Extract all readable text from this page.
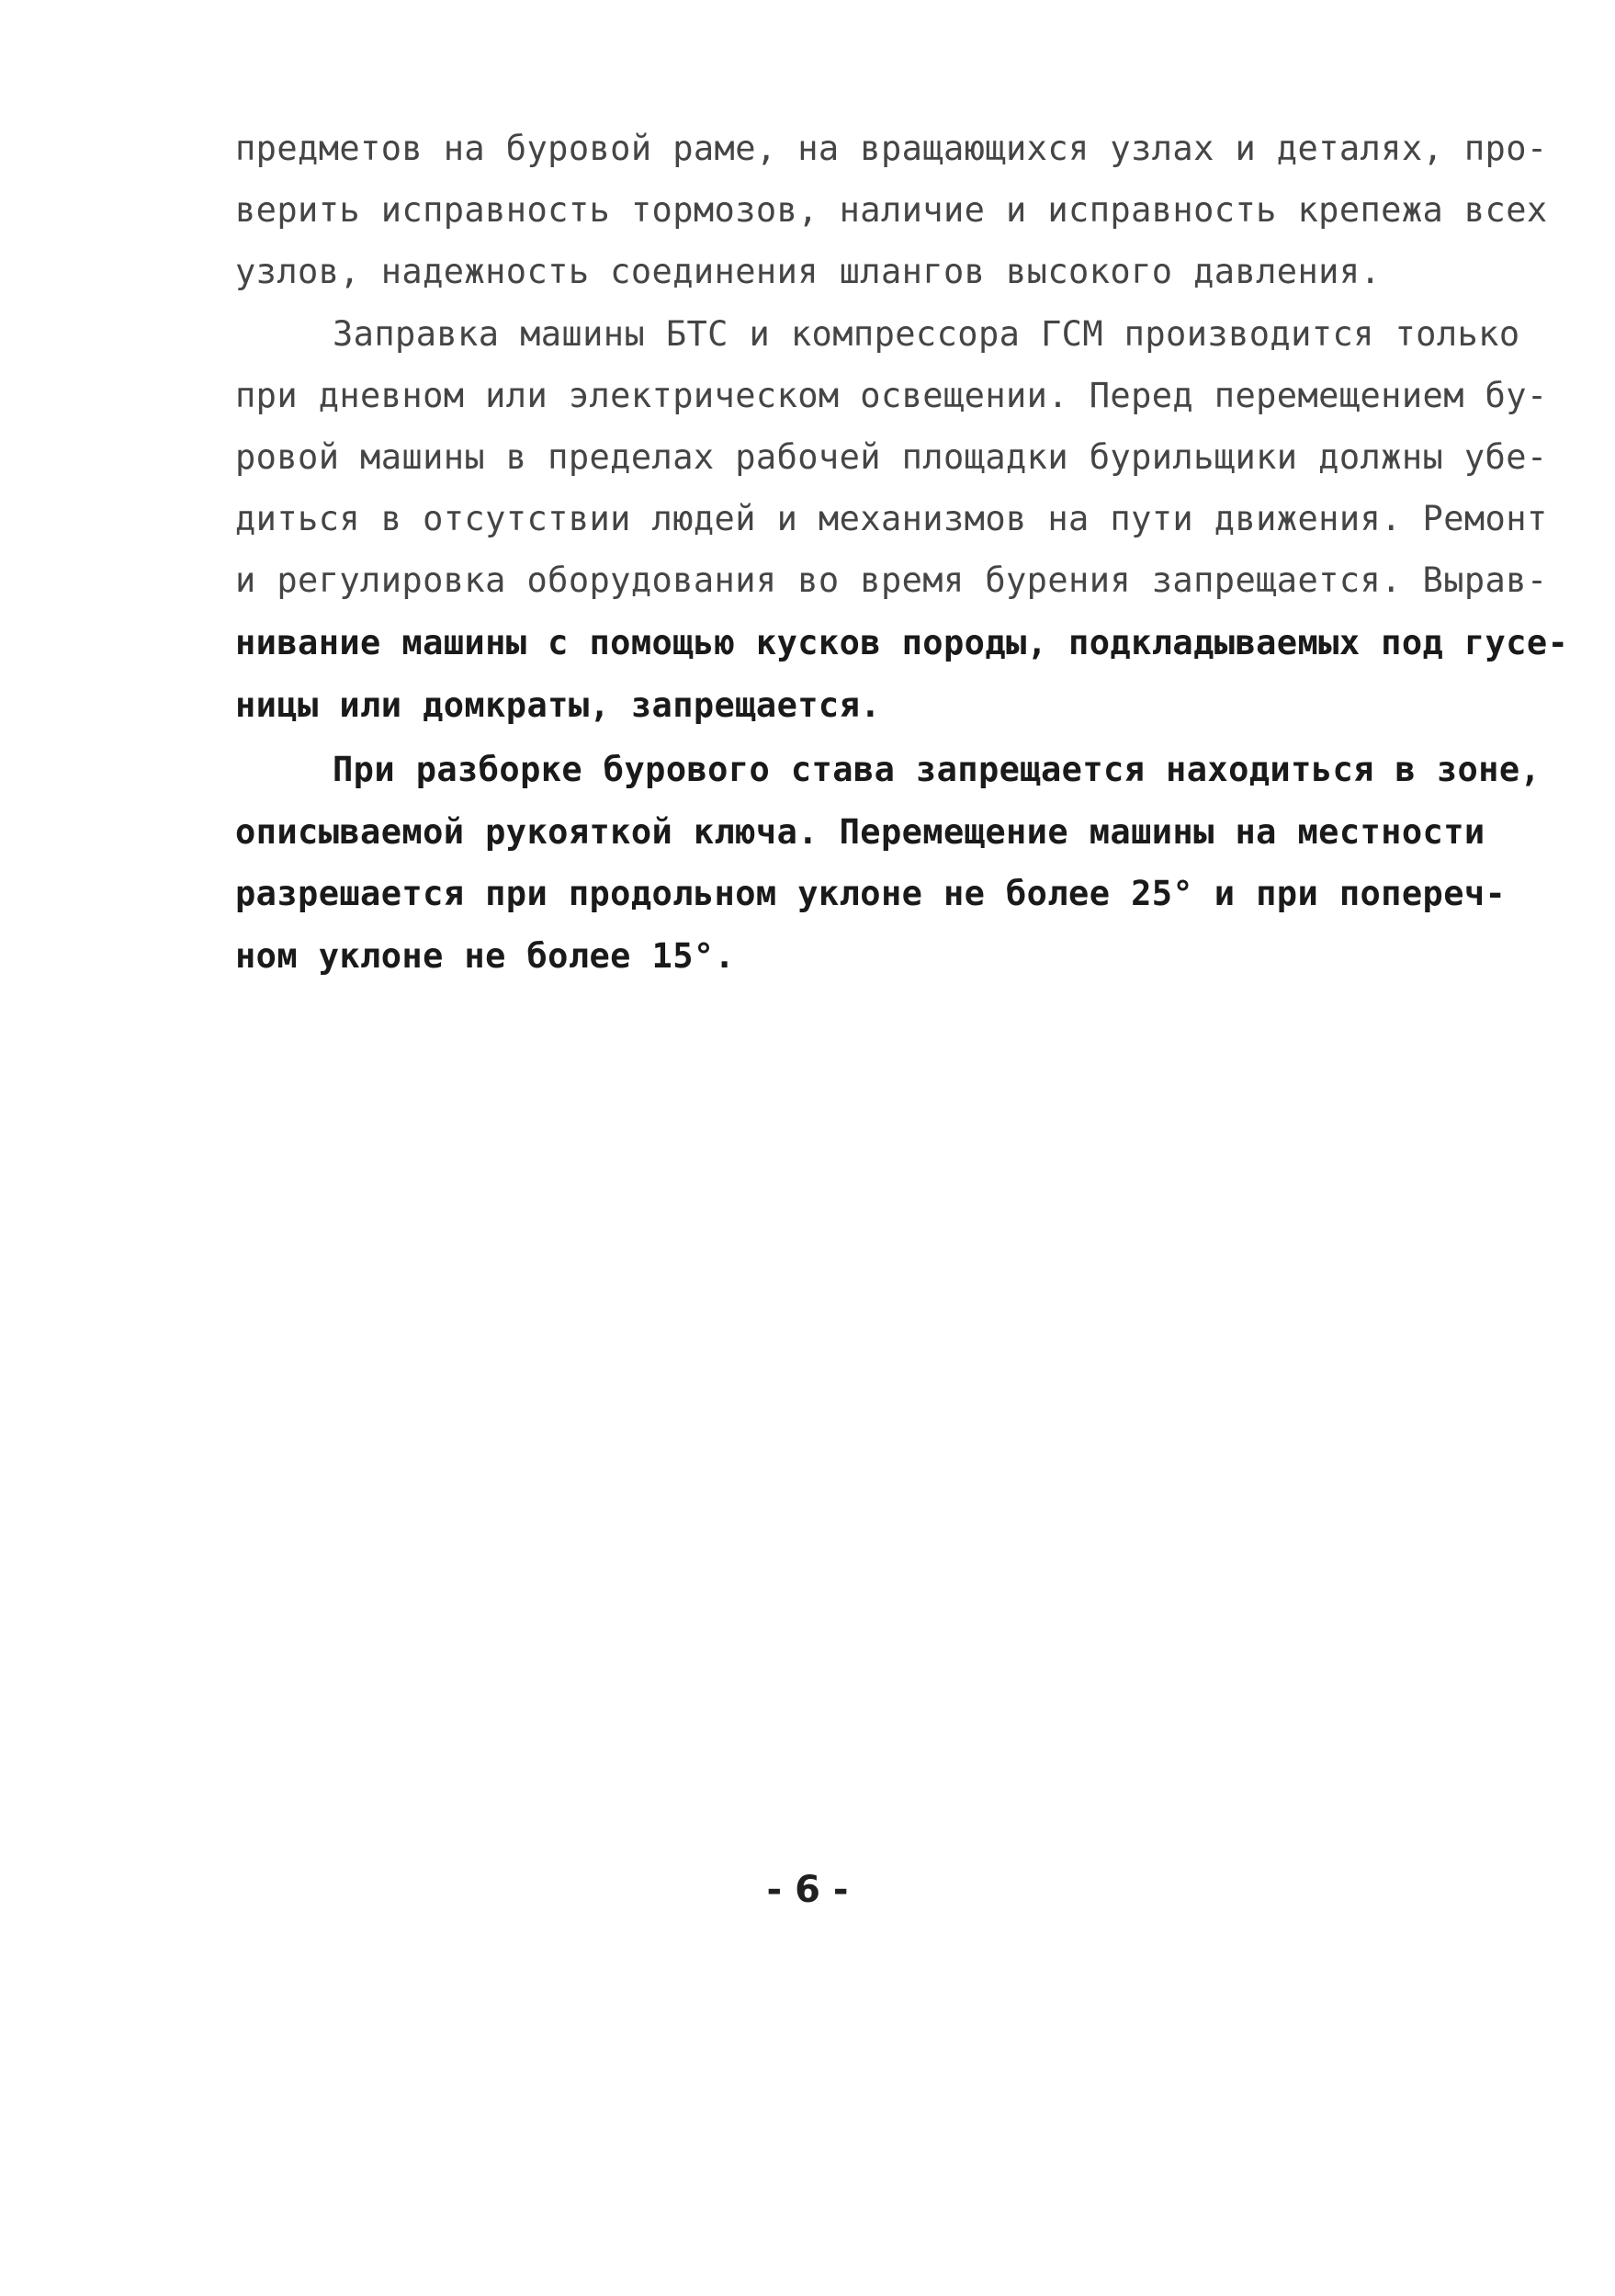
предметов на буровой раме, на вращающихся узлах и деталях, про-
верить исправность тормозов, наличие и исправность крепежа всех
узлов, надежность соединения шлангов высокого давления.
Заправка машины БТС и компрессора ГСМ производится только
при дневном или электрическом освещении. Перед перемещением бу-
ровой машины в пределах рабочей площадки бурильщики должны убе-
диться в отсутствии людей и механизмов на пути движения. Ремонт
и регулировка оборудования во время бурения запрещается. Вырав-
нивание машины с помощью кусков породы, подкладываемых под гусе-
ницы или домкраты, запрещается.
При разборке бурового става запрещается находиться в зоне,
описываемой рукояткой ключа. Перемещение машины на местности
разрешается при продольном уклоне не более 25° и при попереч-
ном уклоне не более 15°.
- 6 -
